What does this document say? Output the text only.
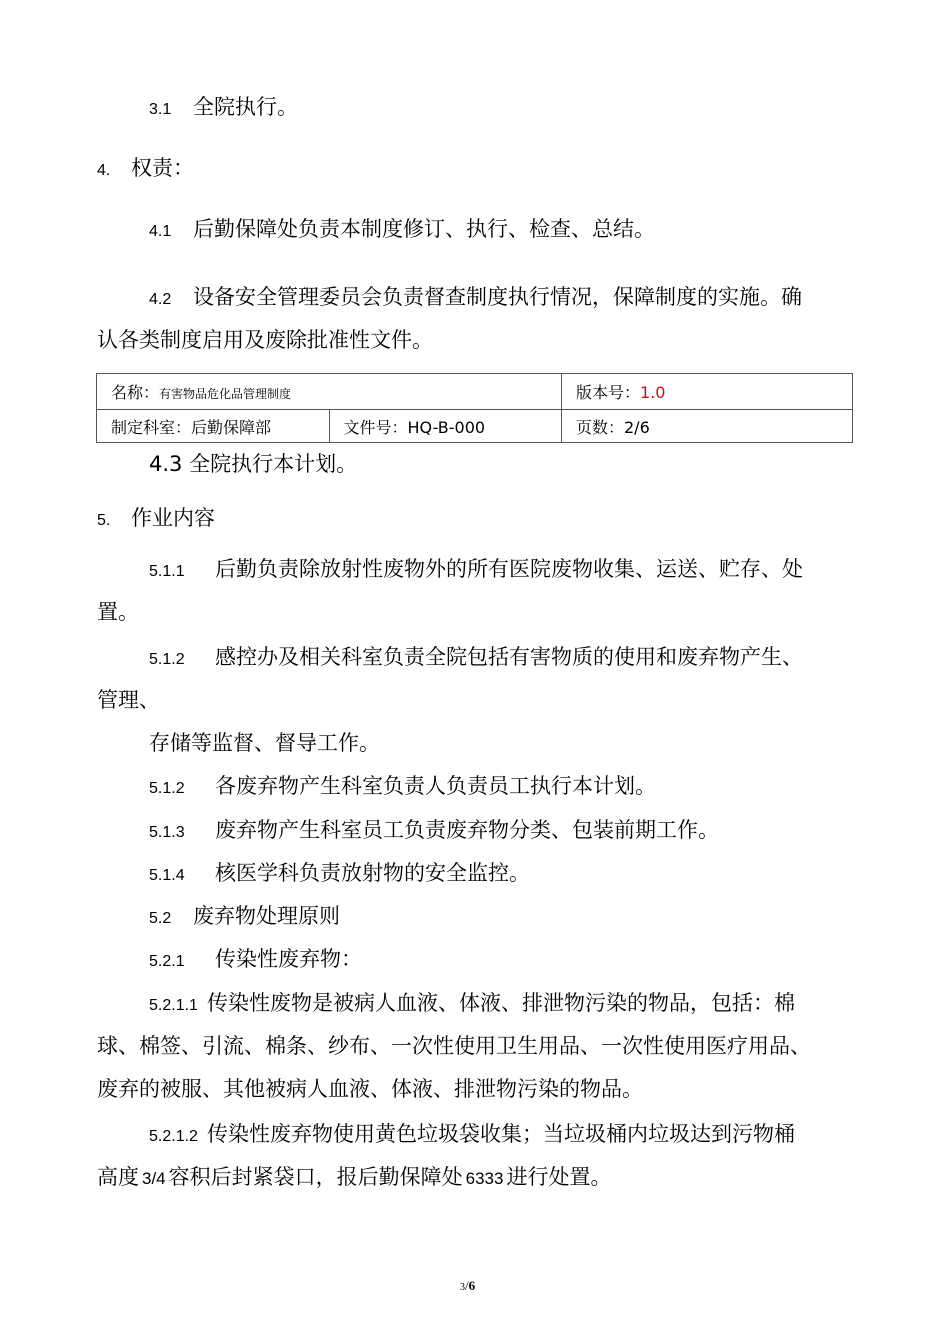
3.1 全院执行。
4. 权责：
4.1 后勤保障处负责本制度修订、执行、检查、总结。
4.2 设备安全管理委员会负责督查制度执行情况，保障制度的实施。确
认各类制度启用及废除批准性文件。
名称：有害物品危化品管理制度		版本号：1.0
制定科室：后勤保障部	文件号：HQ-B-000	页数：2/6
4.3 全院执行本计划。
5. 作业内容
5.1.1 后勤负责除放射性废物外的所有医院废物收集、运送、贮存、处
置。
5.1.2 感控办及相关科室负责全院包括有害物质的使用和废弃物产生、
管理、
存储等监督、督导工作。
5.1.2 各废弃物产生科室负责人负责员工执行本计划。
5.1.3 废弃物产生科室员工负责废弃物分类、包装前期工作。
5.1.4 核医学科负责放射物的安全监控。
5.2 废弃物处理原则
5.2.1 传染性废弃物：
5.2.1.1 传染性废物是被病人血液、体液、排泄物污染的物品，包括：棉
球、棉签、引流、棉条、纱布、一次性使用卫生用品、一次性使用医疗用品、
废弃的被服、其他被病人血液、体液、排泄物污染的物品。
5.2.1.2 传染性废弃物使用黄色垃圾袋收集；当垃圾桶内垃圾达到污物桶
高度 3/4 容积后封紧袋口，报后勤保障处 6333 进行处置。
3/6
